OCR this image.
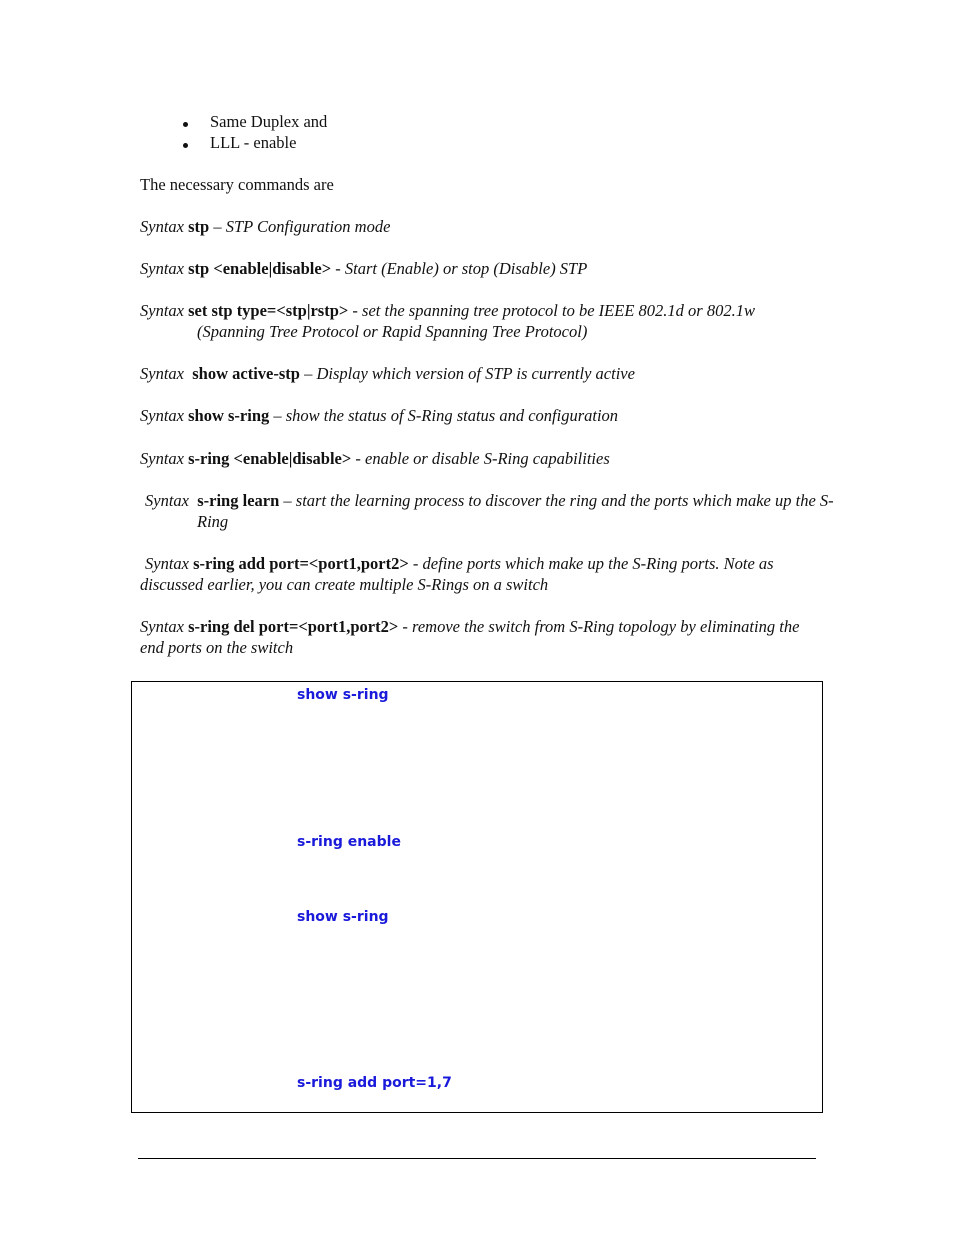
Same Duplex and
LLL - enable
The necessary commands are
Syntax stp – STP Configuration mode
Syntax stp <enable|disable> - Start (Enable) or stop (Disable) STP
Syntax set stp type=<stp|rstp> - set the spanning tree protocol to be IEEE 802.1d or 802.1w
(Spanning Tree Protocol or Rapid Spanning Tree Protocol)
Syntax show active-stp – Display which version of STP is currently active
Syntax show s-ring – show the status of S-Ring status and configuration
Syntax s-ring <enable|disable> - enable or disable S-Ring capabilities
Syntax s-ring learn – start the learning process to discover the ring and the ports which make up the S-
Ring
Syntax s-ring add port=<port1,port2> - define ports which make up the S-Ring ports. Note as
discussed earlier, you can create multiple S-Rings on a switch
Syntax s-ring del port=<port1,port2> - remove the switch from S-Ring topology by eliminating the
end ports on the switch
show s-ring
s-ring enable
show s-ring
s-ring add port=1,7
